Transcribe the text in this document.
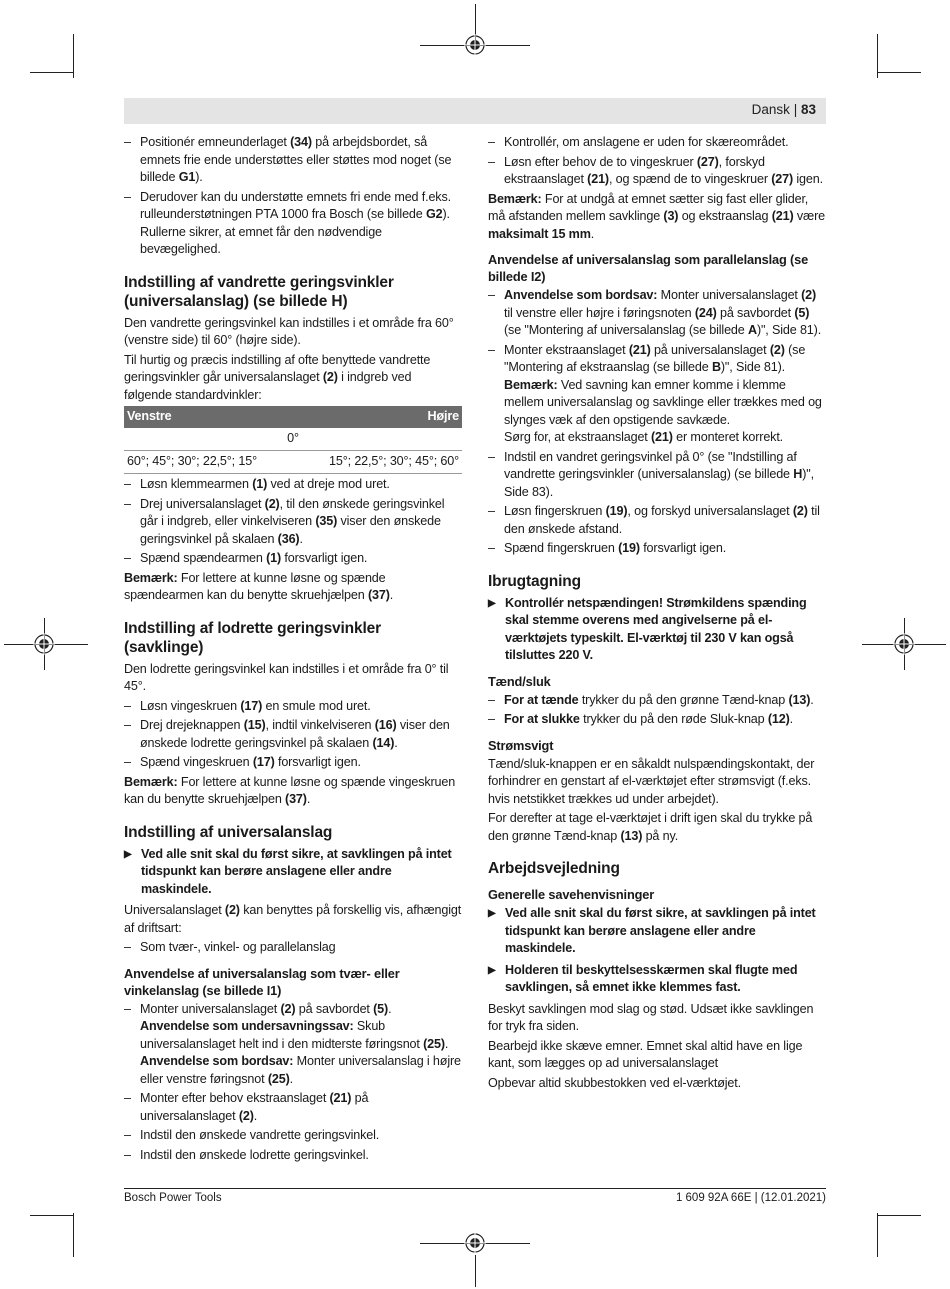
Dansk | 83
– Positionér emneunderlaget (34) på arbejdsbordet, så emnets frie ende understøttes eller støttes mod noget (se billede G1).
– Derudover kan du understøtte emnets fri ende med f.eks. rulleunderstøtningen PTA 1000 fra Bosch (se billede G2). Rullerne sikrer, at emnet får den nødvendige bevægelighed.
Indstilling af vandrette geringsvinkler (universalanslag) (se billede H)

Den vandrette geringsvinkel kan indstilles i et område fra 60° (venstre side) til 60° (højre side).

Til hurtig og præcis indstilling af ofte benyttede vandrette geringsvinkler går universalanslaget (2) i indgreb ved følgende standardvinkler:

Venstre	Højre
0°	
60°; 45°; 30°; 22,5°; 15°	15°; 22,5°; 30°; 45°; 60°
– Løsn klemmearmen (1) ved at dreje mod uret.
– Drej universalanslaget (2), til den ønskede geringsvinkel går i indgreb, eller vinkelviseren (35) viser den ønskede geringsvinkel på skalaen (36).
– Spænd spændearmen (1) forsvarligt igen.

Bemærk: For lettere at kunne løsne og spænde spændearmen kan du benytte skruehjælpen (37).

Indstilling af lodrette geringsvinkler (savklinge)

Den lodrette geringsvinkel kan indstilles i et område fra 0° til 45°.

– Løsn vingeskruen (17) en smule mod uret.
– Drej drejeknappen (15), indtil vinkelviseren (16) viser den ønskede lodrette geringsvinkel på skalaen (14).
– Spænd vingeskruen (17) forsvarligt igen.

Bemærk: For lettere at kunne løsne og spænde vingeskruen kan du benytte skruehjælpen (37).

Indstilling af universalanslag
▶ Ved alle snit skal du først sikre, at savklingen på intet tidspunkt kan berøre anslagene eller andre maskindele.

Universalanslaget (2) kan benyttes på forskellig vis, afhængigt af driftsart:

– Som tvær-, vinkel- og parallelanslag
Anvendelse af universalanslag som tvær- eller vinkelanslag (se billede I1)
– Monter universalanslaget (2) på savbordet (5).
Anvendelse som undersavningssav: Skub universalanslaget helt ind i den midterste føringsnot (25).
Anvendelse som bordsav: Monter universalanslag i højre eller venstre føringsnot (25).
– Monter efter behov ekstraanslaget (21) på universalanslaget (2).
– Indstil den ønskede vandrette geringsvinkel.
– Indstil den ønskede lodrette geringsvinkel.
– Kontrollér, om anslagene er uden for skæreområdet.
– Løsn efter behov de to vingeskruer (27), forskyd ekstraanslaget (21), og spænd de to vingeskruer (27) igen.

Bemærk: For at undgå at emnet sætter sig fast eller glider, må afstanden mellem savklinge (3) og ekstraanslag (21) være maksimalt 15 mm.

Anvendelse af universalanslag som parallelanslag (se billede I2)
– Anvendelse som bordsav: Monter universalanslaget (2) til venstre eller højre i føringsnoten (24) på savbordet (5) (se "Montering af universalanslag (se billede A)", Side 81).
– Monter ekstraanslaget (21) på universalanslaget (2) (se "Montering af ekstraanslag (se billede B)", Side 81).
Bemærk: Ved savning kan emner komme i klemme mellem universalanslag og savklinge eller trækkes med og slynges væk af den opstigende savkæde.
Sørg for, at ekstraanslaget (21) er monteret korrekt.
– Indstil en vandret geringsvinkel på 0° (se "Indstilling af vandrette geringsvinkler (universalanslag) (se billede H)", Side 83).
– Løsn fingerskruen (19), og forskyd universalanslaget (2) til den ønskede afstand.
– Spænd fingerskruen (19) forsvarligt igen.
Ibrugtagning
▶ Kontrollér netspændingen! Strømkildens spænding skal stemme overens med angivelserne på el-værktøjets typeskilt. El-værktøj til 230 V kan også tilsluttes 220 V.
Tænd/sluk
– For at tænde trykker du på den grønne Tænd-knap (13).
– For at slukke trykker du på den røde Sluk-knap (12).
Strømsvigt

Tænd/sluk-knappen er en såkaldt nulspændingskontakt, der forhindrer en genstart af el-værktøjet efter strømsvigt (f.eks. hvis netstikket trækkes ud under arbejdet).

For derefter at tage el-værktøjet i drift igen skal du trykke på den grønne Tænd-knap (13) på ny.

Arbejdsvejledning
Generelle savehenvisninger
▶ Ved alle snit skal du først sikre, at savklingen på intet tidspunkt kan berøre anslagene eller andre maskindele.
▶ Holderen til beskyttelsesskærmen skal flugte med savklingen, så emnet ikke klemmes fast.

Beskyt savklingen mod slag og stød. Udsæt ikke savklingen for tryk fra siden.

Bearbejd ikke skæve emner. Emnet skal altid have en lige kant, som lægges op ad universalanslaget

Opbevar altid skubbestokken ved el-værktøjet.

Bosch Power Tools	1 609 92A 66E | (12.01.2021)
